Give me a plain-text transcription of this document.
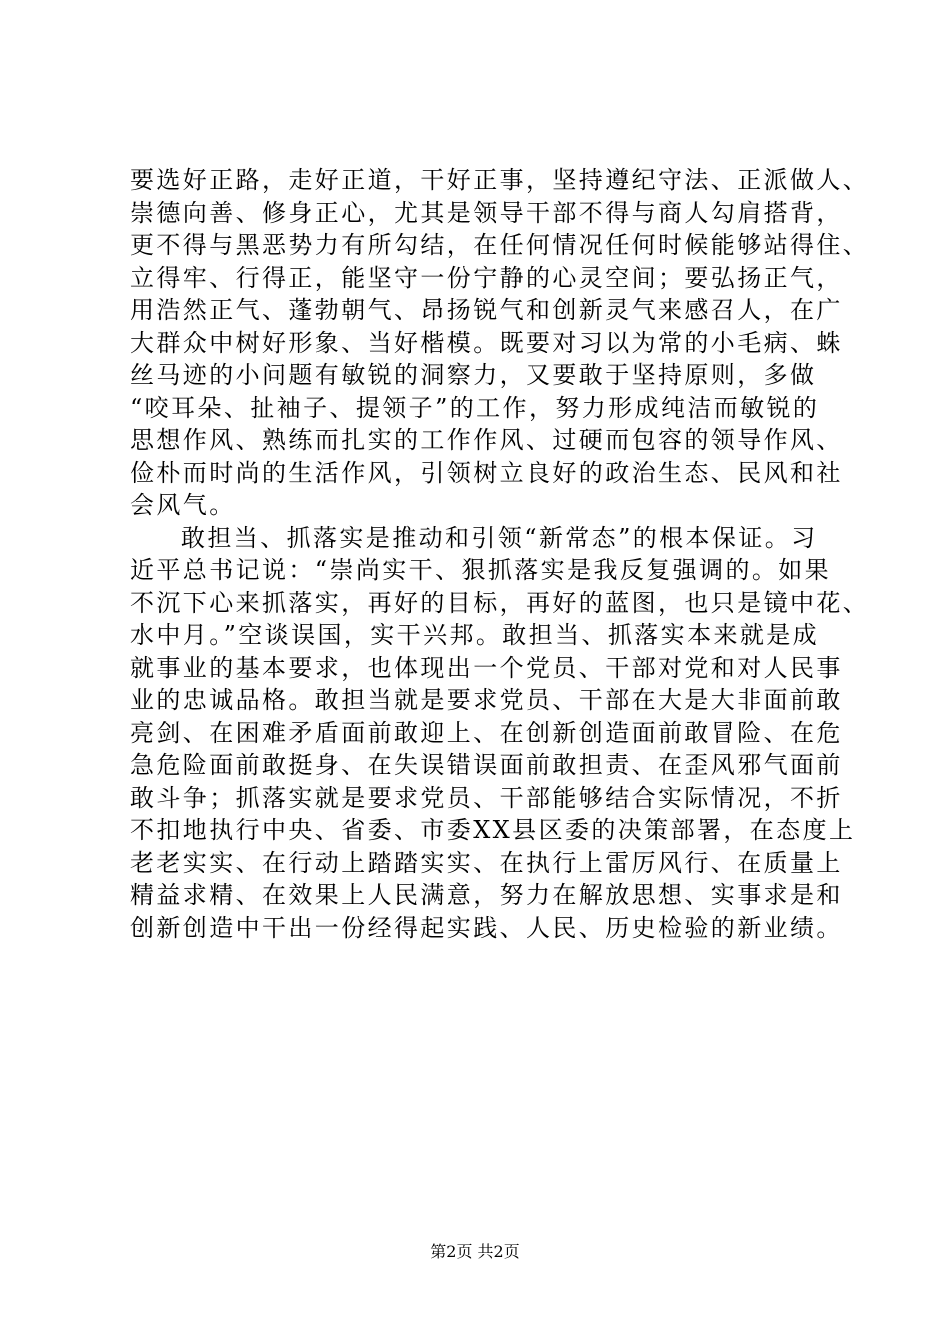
要选好正路，走好正道，干好正事，坚持遵纪守法、正派做人、
崇德向善、修身正心，尤其是领导干部不得与商人勾肩搭背，
更不得与黑恶势力有所勾结，在任何情况任何时候能够站得住、
立得牢、行得正，能坚守一份宁静的心灵空间；要弘扬正气，
用浩然正气、蓬勃朝气、昂扬锐气和创新灵气来感召人，在广
大群众中树好形象、当好楷模。既要对习以为常的小毛病、蛛
丝马迹的小问题有敏锐的洞察力，又要敢于坚持原则，多做
“咬耳朵、扯袖子、提领子”的工作，努力形成纯洁而敏锐的
思想作风、熟练而扎实的工作作风、过硬而包容的领导作风、
俭朴而时尚的生活作风，引领树立良好的政治生态、民风和社
会风气。
敢担当、抓落实是推动和引领“新常态”的根本保证。习
近平总书记说：“崇尚实干、狠抓落实是我反复强调的。如果
不沉下心来抓落实，再好的目标，再好的蓝图，也只是镜中花、
水中月。”空谈误国，实干兴邦。敢担当、抓落实本来就是成
就事业的基本要求，也体现出一个党员、干部对党和对人民事
业的忠诚品格。敢担当就是要求党员、干部在大是大非面前敢
亮剑、在困难矛盾面前敢迎上、在创新创造面前敢冒险、在危
急危险面前敢挺身、在失误错误面前敢担责、在歪风邪气面前
敢斗争；抓落实就是要求党员、干部能够结合实际情况，不折
不扣地执行中央、省委、市委XX县区委的决策部署，在态度上
老老实实、在行动上踏踏实实、在执行上雷厉风行、在质量上
精益求精、在效果上人民满意，努力在解放思想、实事求是和
创新创造中干出一份经得起实践、人民、历史检验的新业绩。
第2页 共2页
